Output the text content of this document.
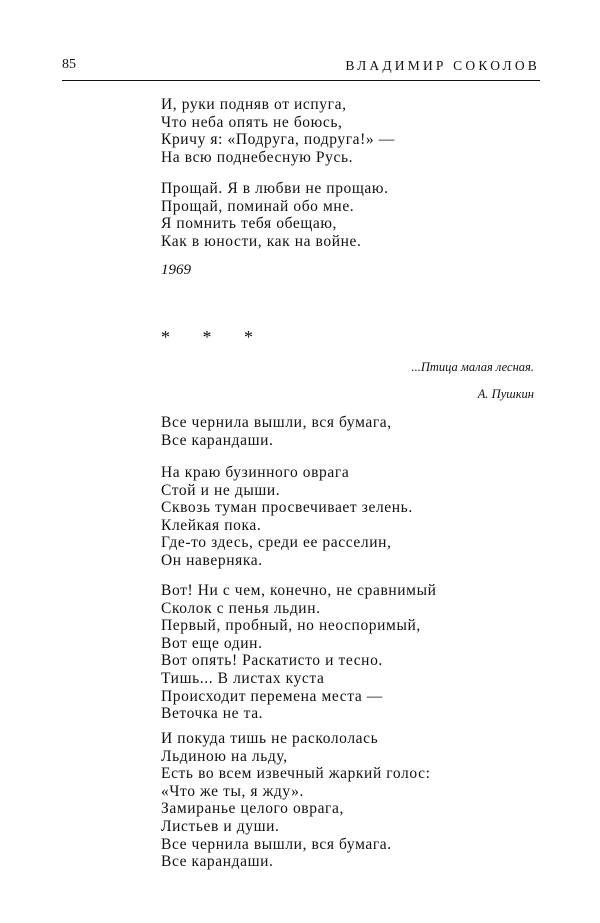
85	ВЛАДИМИР СОКОЛОВ
И, руки подняв от испуга,
Что неба опять не боюсь,
Кричу я: «Подруга, подруга!» —
На всю поднебесную Русь.
Прощай. Я в любви не прощаю.
Прощай, поминай обо мне.
Я помнить тебя обещаю,
Как в юности, как на войне.
1969
* * *
...Птица малая лесная.
А. Пушкин
Все чернила вышли, вся бумага,
Все карандаши.
На краю бузинного оврага
Стой и не дыши.
Сквозь туман просвечивает зелень.
Клейкая пока.
Где-то здесь, среди ее расселин,
Он наверняка.
Вот! Ни с чем, конечно, не сравнимый
Сколок с пенья льдин.
Первый, пробный, но неоспоримый,
Вот еще один.
Вот опять! Раскатисто и тесно.
Тишь... В листах куста
Происходит перемена места —
Веточка не та.
И покуда тишь не раскололась
Льдиною на льду,
Есть во всем извечный жаркий голос:
«Что же ты, я жду».
Замиранье целого оврага,
Листьев и души.
Все чернила вышли, вся бумага.
Все карандаши.
